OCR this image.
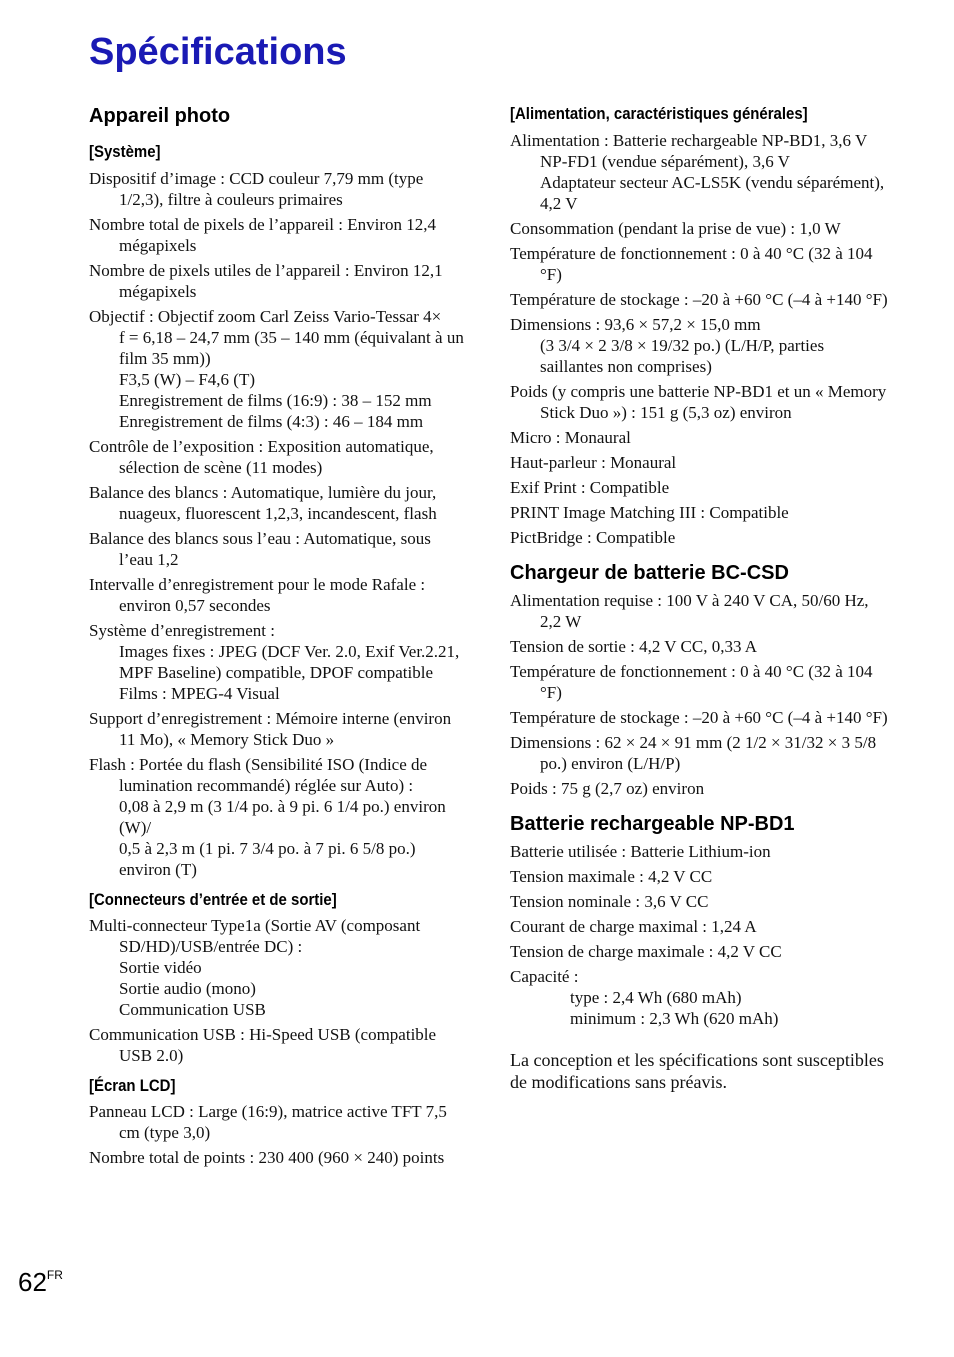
Spécifications
Appareil photo
[Système]

Dispositif d’image : CCD couleur 7,79 mm (type 1/2,3), filtre à couleurs primaires

Nombre total de pixels de l’appareil : Environ 12,4 mégapixels

Nombre de pixels utiles de l’appareil : Environ 12,1 mégapixels

Objectif : Objectif zoom Carl Zeiss Vario-Tessar 4×
f = 6,18 – 24,7 mm (35 – 140 mm (équivalant à un film 35 mm))
F3,5 (W) – F4,6 (T)
Enregistrement de films (16:9) : 38 – 152 mm
Enregistrement de films (4:3) : 46 – 184 mm

Contrôle de l’exposition : Exposition automatique, sélection de scène (11 modes)

Balance des blancs : Automatique, lumière du jour, nuageux, fluorescent 1,2,3, incandescent, flash

Balance des blancs sous l’eau : Automatique, sous l’eau 1,2

Intervalle d’enregistrement pour le mode Rafale : environ 0,57 secondes

Système d’enregistrement :
Images fixes : JPEG (DCF Ver. 2.0, Exif Ver.2.21, MPF Baseline) compatible, DPOF compatible
Films : MPEG-4 Visual

Support d’enregistrement : Mémoire interne (environ 11 Mo), « Memory Stick Duo »

Flash : Portée du flash (Sensibilité ISO (Indice de lumination recommandé) réglée sur Auto) :
0,08 à 2,9 m (3 1/4 po. à 9 pi. 6 1/4 po.) environ (W)/
0,5 à 2,3 m (1 pi. 7 3/4 po. à 7 pi. 6 5/8 po.) environ (T)

[Connecteurs d’entrée et de sortie]

Multi-connecteur Type1a (Sortie AV (composant SD/HD)/USB/entrée DC) :
Sortie vidéo
Sortie audio (mono)
Communication USB

Communication USB : Hi-Speed USB (compatible USB 2.0)

[Écran LCD]

Panneau LCD : Large (16:9), matrice active TFT 7,5 cm (type 3,0)

Nombre total de points : 230 400 (960 × 240) points

[Alimentation, caractéristiques générales]

Alimentation : Batterie rechargeable NP-BD1, 3,6 V
NP-FD1 (vendue séparément), 3,6 V
Adaptateur secteur AC-LS5K (vendu séparément), 4,2 V

Consommation (pendant la prise de vue) : 1,0 W

Température de fonctionnement : 0 à 40 °C (32 à 104 °F)

Température de stockage : –20 à +60 °C (–4 à +140 °F)

Dimensions : 93,6 × 57,2 × 15,0 mm
(3 3/4 × 2 3/8 × 19/32 po.) (L/H/P, parties saillantes non comprises)

Poids (y compris une batterie NP-BD1 et un « Memory Stick Duo ») : 151 g (5,3 oz) environ

Micro : Monaural

Haut-parleur : Monaural

Exif Print : Compatible

PRINT Image Matching III : Compatible

PictBridge : Compatible

Chargeur de batterie BC-CSD

Alimentation requise : 100 V à 240 V CA, 50/60 Hz, 2,2 W

Tension de sortie : 4,2 V CC, 0,33 A

Température de fonctionnement : 0 à 40 °C (32 à 104 °F)

Température de stockage : –20 à +60 °C (–4 à +140 °F)

Dimensions : 62 × 24 × 91 mm (2 1/2 × 31/32 × 3 5/8 po.) environ (L/H/P)

Poids : 75 g (2,7 oz) environ

Batterie rechargeable NP-BD1

Batterie utilisée : Batterie Lithium-ion

Tension maximale : 4,2 V CC

Tension nominale : 3,6 V CC

Courant de charge maximal : 1,24 A

Tension de charge maximale : 4,2 V CC

Capacité :
type : 2,4 Wh (680 mAh)
minimum : 2,3 Wh (620 mAh)

La conception et les spécifications sont susceptibles de modifications sans préavis.

$62^{FR}$
